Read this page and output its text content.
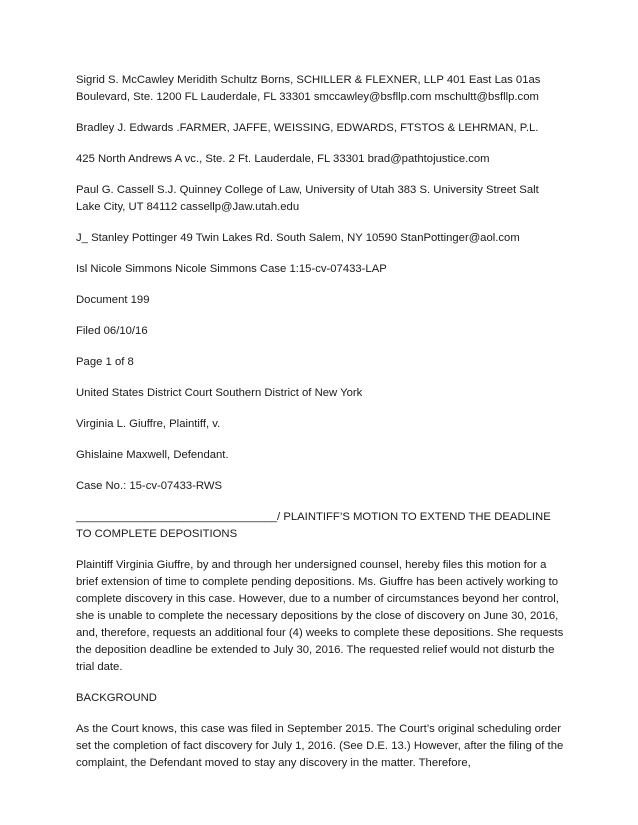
Sigrid S. McCawley Meridith Schultz Borns, SCHILLER & FLEXNER, LLP 401 East Las 01as Boulevard, Ste. 1200 FL Lauderdale, FL 33301 smccawley@bsfllp.com mschultt@bsfllp.com

Bradley J. Edwards .FARMER, JAFFE, WEISSING, EDWARDS, FTSTOS & LEHRMAN, P.L.

425 North Andrews A vc., Ste. 2 Ft. Lauderdale, FL 33301 brad@pathtojustice.com

Paul G. Cassell S.J. Quinney College of Law, University of Utah 383 S. University Street Salt Lake City, UT 84112 cassellp@Jaw.utah.edu

J_ Stanley Pottinger 49 Twin Lakes Rd. South Salem, NY 10590 StanPottinger@aol.com

Isl Nicole Simmons Nicole Simmons Case 1:15-cv-07433-LAP

Document 199

Filed 06/10/16

Page 1 of 8

United States District Court Southern District of New York

Virginia L. Giuffre, Plaintiff, v.

Ghislaine Maxwell, Defendant.

Case No.: 15-cv-07433-RWS

________________________________/ PLAINTIFF’S MOTION TO EXTEND THE DEADLINE TO COMPLETE DEPOSITIONS

Plaintiff Virginia Giuffre, by and through her undersigned counsel, hereby files this motion for a brief extension of time to complete pending depositions. Ms. Giuffre has been actively working to complete discovery in this case. However, due to a number of circumstances beyond her control, she is unable to complete the necessary depositions by the close of discovery on June 30, 2016, and, therefore, requests an additional four (4) weeks to complete these depositions. She requests the deposition deadline be extended to July 30, 2016. The requested relief would not disturb the trial date.

BACKGROUND

As the Court knows, this case was filed in September 2015. The Court’s original scheduling order set the completion of fact discovery for July 1, 2016. (See D.E. 13.) However, after the filing of the complaint, the Defendant moved to stay any discovery in the matter. Therefore,
